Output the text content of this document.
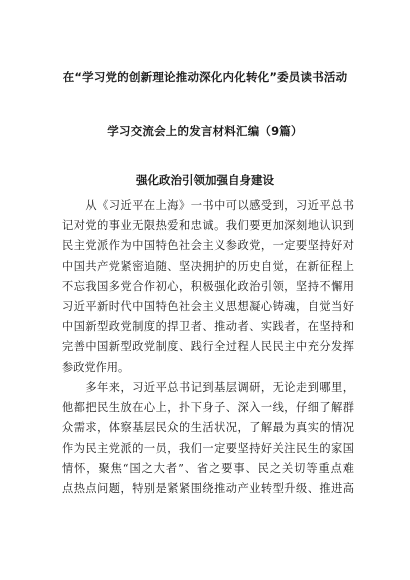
在“学习党的创新理论推动深化内化转化”委员读书活动
学习交流会上的发言材料汇编（9篇）
强化政治引领加强自身建设
　　从《习近平在上海》一书中可以感受到，习近平总书
记对党的事业无限热爱和忠诚。我们要更加深刻地认识到
民主党派作为中国特色社会主义参政党，一定要坚持好对
中国共产党紧密追随、坚决拥护的历史自觉，在新征程上
不忘我国多党合作初心，积极强化政治引领，坚持不懈用
习近平新时代中国特色社会主义思想凝心铸魂，自觉当好
中国新型政党制度的捍卫者、推动者、实践者，在坚持和
完善中国新型政党制度、践行全过程人民民主中充分发挥
参政党作用。
　　多年来，习近平总书记到基层调研，无论走到哪里，
他都把民生放在心上，扑下身子、深入一线，仔细了解群
众需求，体察基层民众的生活状况，了解最为真实的情况
作为民主党派的一员，我们一定要坚持好关注民生的家国
情怀，聚焦“国之大者”、省之要事、民之关切等重点难
点热点问题，特别是紧紧围绕推动产业转型升级、推进高
